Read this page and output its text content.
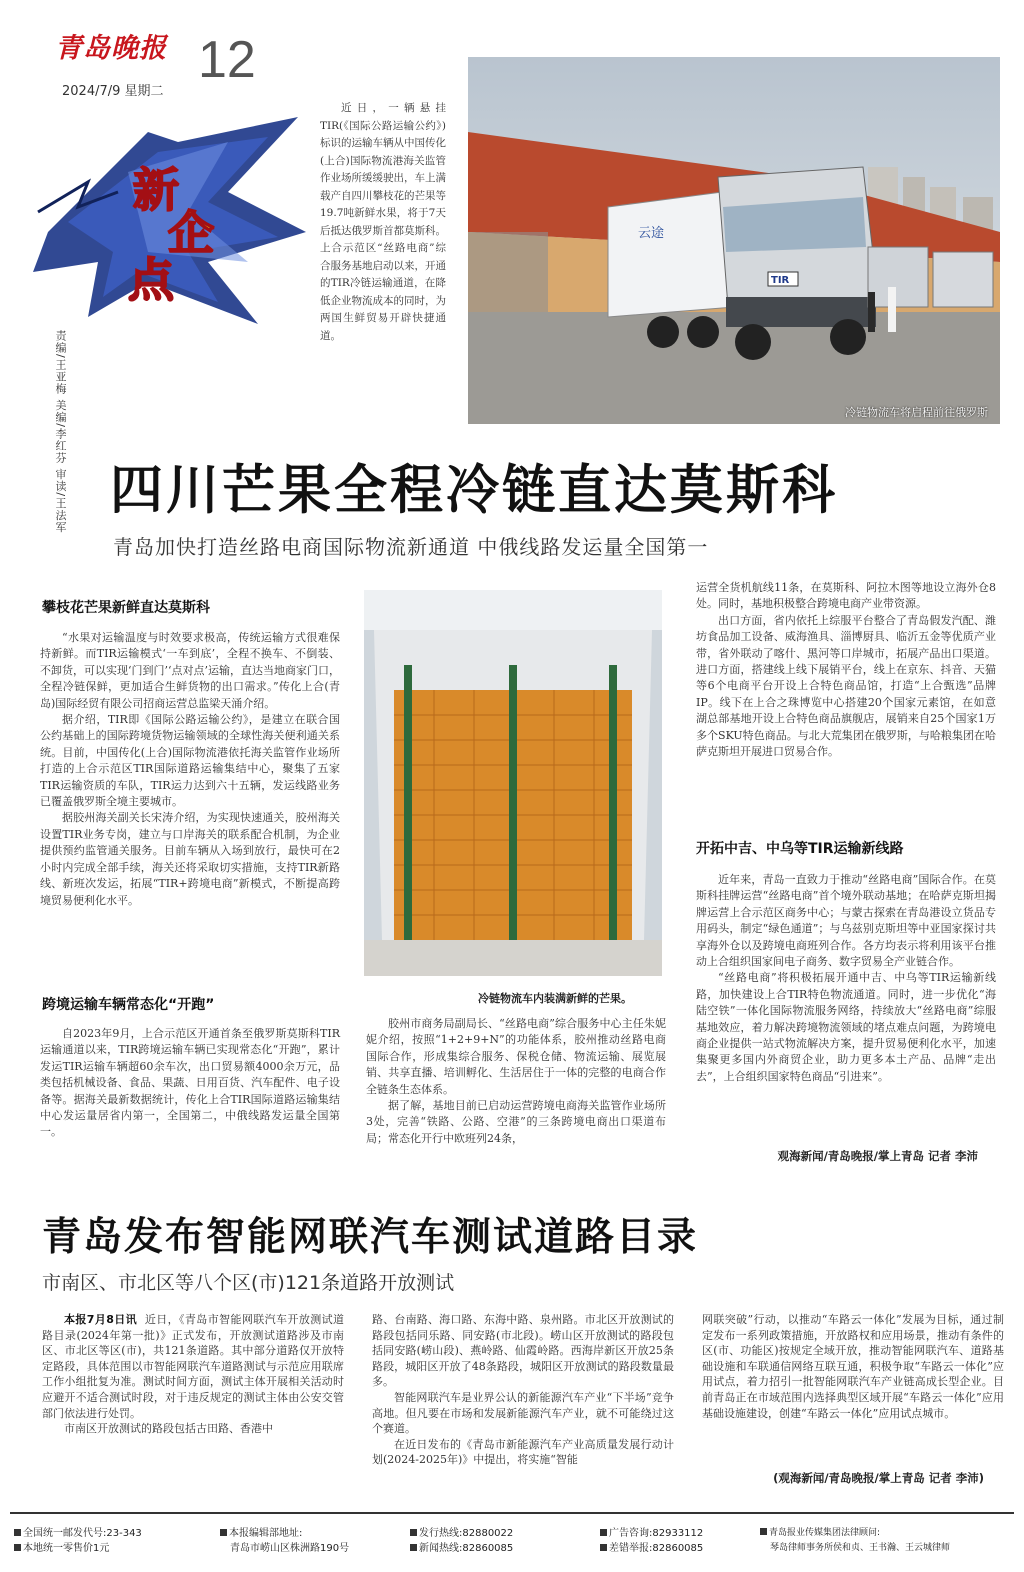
青岛晚报 12
2024/7/9 星期二
新
企
点
责编/王亚梅 美编/李红芬 审读/王法军
近日，一辆悬挂TIR(《国际公路运输公约》)标识的运输车辆从中国传化(上合)国际物流港海关监管作业场所缓缓驶出，车上满载产自四川攀枝花的芒果等19.7吨新鲜水果，将于7天后抵达俄罗斯首都莫斯科。上合示范区“丝路电商”综合服务基地启动以来，开通的TIR冷链运输通道，在降低企业物流成本的同时，为两国生鲜贸易开辟快捷通道。
云途
TIR
冷链物流车将启程前往俄罗斯
四川芒果全程冷链直达莫斯科
青岛加快打造丝路电商国际物流新通道 中俄线路发运量全国第一
攀枝花芒果新鲜直达莫斯科

“水果对运输温度与时效要求极高，传统运输方式很难保持新鲜。而TIR运输模式‘一车到底’，全程不换车、不倒装、不卸货，可以实现‘门到门’‘点对点’运输，直达当地商家门口，全程冷链保鲜，更加适合生鲜货物的出口需求。”传化上合(青岛)国际经贸有限公司招商运营总监梁天涌介绍。

据介绍，TIR即《国际公路运输公约》，是建立在联合国公约基础上的国际跨境货物运输领域的全球性海关便利通关系统。目前，中国传化(上合)国际物流港依托海关监管作业场所打造的上合示范区TIR国际道路运输集结中心，聚集了五家TIR运输资质的车队，TIR运力达到六十五辆，发运线路业务已覆盖俄罗斯全境主要城市。

据胶州海关副关长宋涛介绍，为实现快速通关，胶州海关设置TIR业务专岗，建立与口岸海关的联系配合机制，为企业提供预约监管通关服务。目前车辆从入场到放行，最快可在2小时内完成全部手续，海关还将采取切实措施，支持TIR新路线、新班次发运，拓展“TIR+跨境电商”新模式，不断提高跨境贸易便利化水平。

跨境运输车辆常态化“开跑”

自2023年9月，上合示范区开通首条至俄罗斯莫斯科TIR运输通道以来，TIR跨境运输车辆已实现常态化“开跑”，累计发运TIR运输车辆超60余车次，出口贸易额4000余万元，品类包括机械设备、食品、果蔬、日用百货、汽车配件、电子设备等。据海关最新数据统计，传化上合TIR国际道路运输集结中心发运量居省内第一，全国第二，中俄线路发运量全国第一。

冷链物流车内装满新鲜的芒果。

胶州市商务局副局长、“丝路电商”综合服务中心主任朱妮妮介绍，按照“1+2+9+N”的功能体系，胶州推动丝路电商国际合作，形成集综合服务、保税仓储、物流运输、展览展销、共享直播、培训孵化、生活居住于一体的完整的电商合作全链条生态体系。

据了解，基地目前已启动运营跨境电商海关监管作业场所3处，完善“铁路、公路、空港”的三条跨境电商出口渠道布局；常态化开行中欧班列24条，

运营全货机航线11条，在莫斯科、阿拉木图等地设立海外仓8处。同时，基地积极整合跨境电商产业带资源。

出口方面，省内依托上综服平台整合了青岛假发汽配、潍坊食品加工设备、威海渔具、淄博厨具、临沂五金等优质产业带，省外联动了喀什、黑河等口岸城市，拓展产品出口渠道。进口方面，搭建线上线下展销平台，线上在京东、抖音、天猫等6个电商平台开设上合特色商品馆，打造“上合甄选”品牌IP。线下在上合之珠博览中心搭建20个国家元素馆，在如意湖总部基地开设上合特色商品旗舰店，展销来自25个国家1万多个SKU特色商品。与北大荒集团在俄罗斯，与哈粮集团在哈萨克斯坦开展进口贸易合作。

开拓中吉、中乌等TIR运输新线路

近年来，青岛一直致力于推动“丝路电商”国际合作。在莫斯科挂牌运营“丝路电商”首个境外联动基地；在哈萨克斯坦揭牌运营上合示范区商务中心；与蒙古探索在青岛港设立货品专用码头，制定“绿色通道”；与乌兹别克斯坦等中亚国家探讨共享海外仓以及跨境电商班列合作。各方均表示将利用该平台推动上合组织国家间电子商务、数字贸易全产业链合作。

“丝路电商”将积极拓展开通中吉、中乌等TIR运输新线路，加快建设上合TIR特色物流通道。同时，进一步优化“海陆空铁”一体化国际物流服务网络，持续放大“丝路电商”综服基地效应，着力解决跨境物流领域的堵点难点问题，为跨境电商企业提供一站式物流解决方案，提升贸易便利化水平，加速集聚更多国内外商贸企业，助力更多本土产品、品牌“走出去”，上合组织国家特色商品“引进来”。

观海新闻/青岛晚报/掌上青岛 记者 李沛
青岛发布智能网联汽车测试道路目录
市南区、市北区等八个区(市)121条道路开放测试

本报7月8日讯 近日，《青岛市智能网联汽车开放测试道路目录(2024年第一批)》正式发布，开放测试道路涉及市南区、市北区等区(市)，共121条道路。其中部分道路仅开放特定路段，具体范围以市智能网联汽车道路测试与示范应用联席工作小组批复为准。测试时间方面，测试主体开展相关活动时应避开不适合测试时段，对于违反规定的测试主体由公安交管部门依法进行处罚。

市南区开放测试的路段包括古田路、香港中

路、台南路、海口路、东海中路、泉州路。市北区开放测试的路段包括同乐路、同安路(市北段)。崂山区开放测试的路段包括同安路(崂山段)、燕岭路、仙霞岭路。西海岸新区开放25条路段，城阳区开放了48条路段，城阳区开放测试的路段数量最多。

智能网联汽车是业界公认的新能源汽车产业“下半场”竞争高地。但凡要在市场和发展新能源汽车产业，就不可能绕过这个赛道。

在近日发布的《青岛市新能源汽车产业高质量发展行动计划(2024-2025年)》中提出，将实施“智能

网联突破”行动，以推动“车路云一体化”发展为目标，通过制定发布一系列政策措施，开放路权和应用场景，推动有条件的区(市、功能区)按规定全域开放，推动智能网联汽车、道路基础设施和车联通信网络互联互通，积极争取“车路云一体化”应用试点，着力招引一批智能网联汽车产业链高成长型企业。目前青岛正在市域范围内选择典型区域开展“车路云一体化”应用基础设施建设，创建“车路云一体化”应用试点城市。

(观海新闻/青岛晚报/掌上青岛 记者 李沛)
全国统一邮发代号:23-343
本地统一零售价1元
本报编辑部地址:
青岛市崂山区株洲路190号
发行热线:82880022
新闻热线:82860085
广告咨询:82933112
差错举报:82860085
青岛报业传媒集团法律顾问:
琴岛律师事务所侯和贞、王书瀚、王云城律师
